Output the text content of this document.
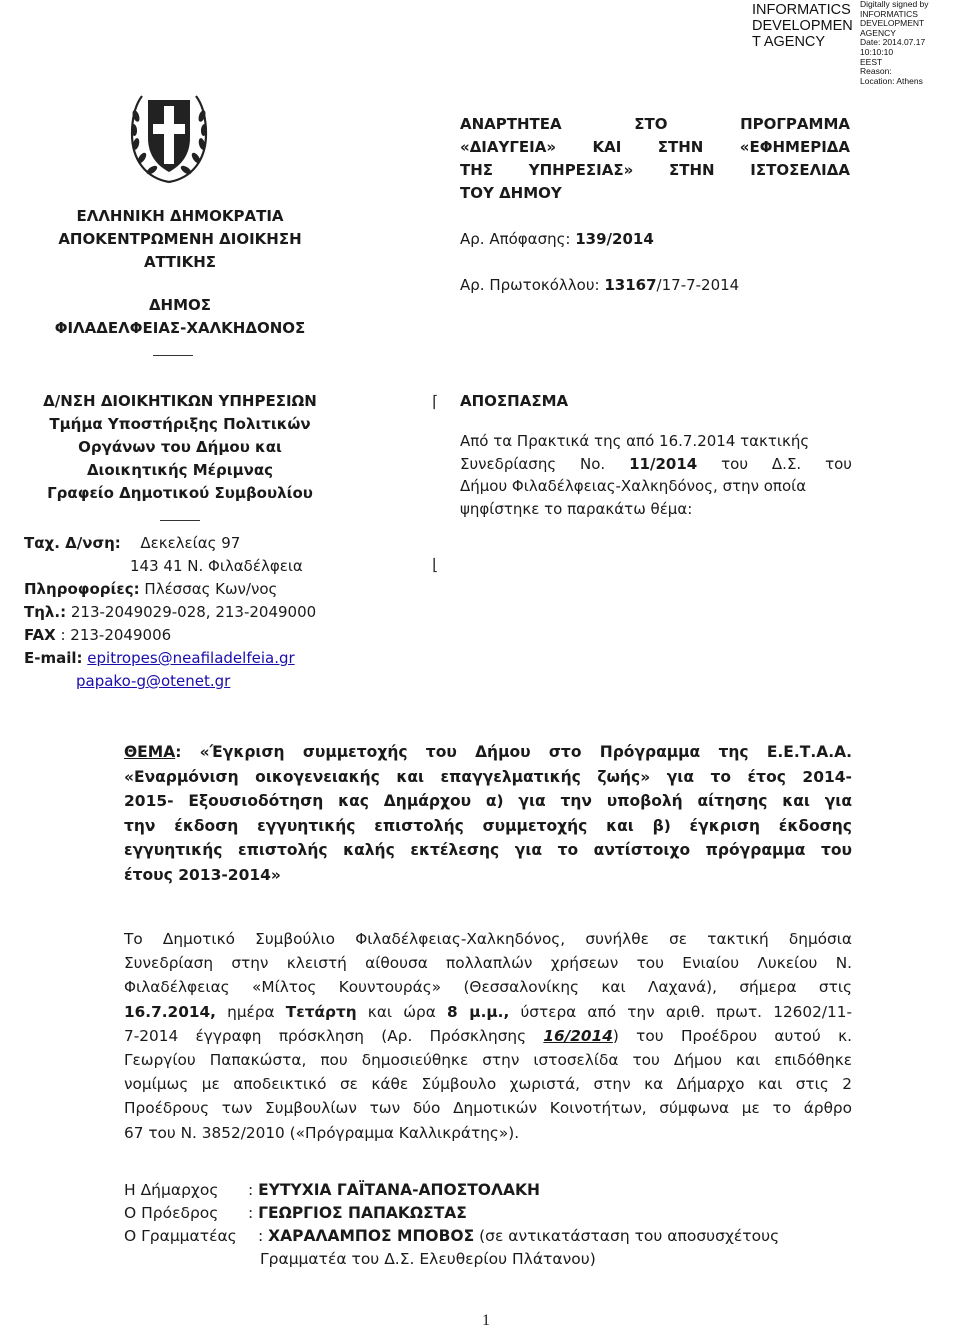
INFORMATICS
DEVELOPMEN
T AGENCY
Digitally signed by
INFORMATICS
DEVELOPMENT AGENCY
Date: 2014.07.17 10:10:10
EEST
Reason:
Location: Athens
ΕΛΛΗΝΙΚΗ ΔΗΜΟΚΡΑΤΙΑ
ΑΠΟΚΕΝΤΡΩΜΕΝΗ ΔΙΟΙΚΗΣΗ
ΑΤΤΙΚΗΣ
ΔΗΜΟΣ
ΦΙΛΑΔΕΛΦΕΙΑΣ-ΧΑΛΚΗΔΟΝΟΣ
Δ/ΝΣΗ ΔΙΟΙΚΗΤΙΚΩΝ ΥΠΗΡΕΣΙΩΝ
Τμήμα Υποστήριξης Πολιτικών
Οργάνων του Δήμου και
Διοικητικής Μέριμνας
Γραφείο Δημοτικού Συμβουλίου
Ταχ. Δ/νση: Δεκελείας 97
143 41 Ν. Φιλαδέλφεια
Πληροφορίες: Πλέσσας Κων/νος
Τηλ.: 213-2049029-028, 213-2049000
FAX : 213-2049006
E-mail: epitropes@neafiladelfeia.gr
papako-g@otenet.gr
ΑΝΑΡΤΗΤΕΑ ΣΤΟ ΠΡΟΓΡΑΜΜΑ
«ΔΙΑΥΓΕΙΑ» ΚΑΙ ΣΤΗΝ «ΕΦΗΜΕΡΙΔΑ
ΤΗΣ ΥΠΗΡΕΣΙΑΣ» ΣΤΗΝ ΙΣΤΟΣΕΛΙΔΑ
ΤΟΥ ΔΗΜΟΥ
Αρ. Απόφασης: 139/2014
Αρ. Πρωτοκόλλου: 13167/17-7-2014
⌈
⌊
ΑΠΟΣΠΑΣΜΑ
Από τα Πρακτικά της από 16.7.2014 τακτικής
Συνεδρίασης Νο. 11/2014 του Δ.Σ. του
Δήμου Φιλαδέλφειας-Χαλκηδόνος, στην οποία
ψηφίστηκε το παρακάτω θέμα:
ΘΕΜΑ: «Έγκριση συμμετοχής του Δήμου στο Πρόγραμμα της Ε.Ε.Τ.Α.Α.
«Εναρμόνιση οικογενειακής και επαγγελματικής ζωής» για το έτος 2014-
2015- Εξουσιοδότηση κας Δημάρχου α) για την υποβολή αίτησης και για
την έκδοση εγγυητικής επιστολής συμμετοχής και β) έγκριση έκδοσης
εγγυητικής επιστολής καλής εκτέλεσης για το αντίστοιχο πρόγραμμα του
έτους 2013-2014»
Το Δημοτικό Συμβούλιο Φιλαδέλφειας-Χαλκηδόνος, συνήλθε σε τακτική δημόσια
Συνεδρίαση στην κλειστή αίθουσα πολλαπλών χρήσεων του Ενιαίου Λυκείου Ν.
Φιλαδέλφειας «Μίλτος Κουντουράς» (Θεσσαλονίκης και Λαχανά), σήμερα στις
16.7.2014, ημέρα Τετάρτη και ώρα 8 μ.μ., ύστερα από την αριθ. πρωτ. 12602/11-
7-2014 έγγραφη πρόσκληση (Αρ. Πρόσκλησης 16/2014) του Προέδρου αυτού κ.
Γεωργίου Παπακώστα, που δημοσιεύθηκε στην ιστοσελίδα του Δήμου και επιδόθηκε
νομίμως με αποδεικτικό σε κάθε Σύμβουλο χωριστά, στην κα Δήμαρχο και στις 2
Προέδρους των Συμβουλίων των δύο Δημοτικών Κοινοτήτων, σύμφωνα με το άρθρο
67 του Ν. 3852/2010 («Πρόγραμμα Καλλικράτης»).
Η Δήμαρχος : ΕΥΤΥΧΙΑ ΓΑΪΤΑΝΑ-ΑΠΟΣΤΟΛΑΚΗ
Ο Πρόεδρος : ΓΕΩΡΓΙΟΣ ΠΑΠΑΚΩΣΤΑΣ
Ο Γραμματέας : ΧΑΡΑΛΑΜΠΟΣ ΜΠΟΒΟΣ (σε αντικατάσταση του αποσυσχέτους
Γραμματέα του Δ.Σ. Ελευθερίου Πλάτανου)
1
